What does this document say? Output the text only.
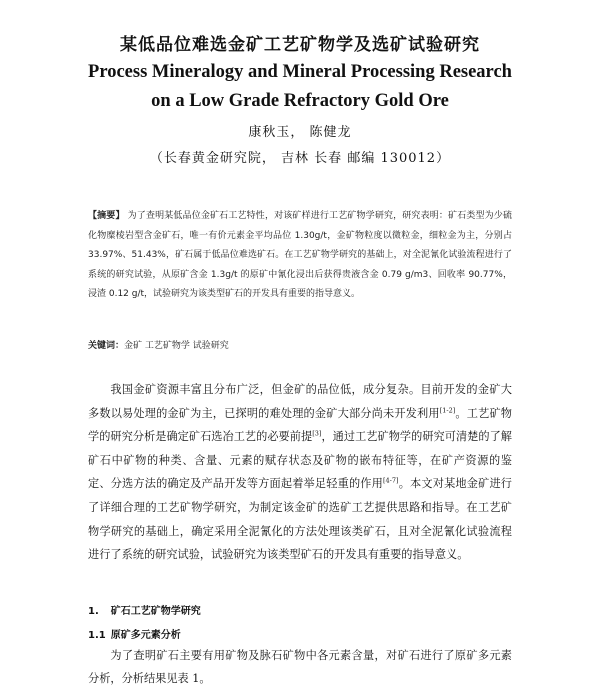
某低品位难选金矿工艺矿物学及选矿试验研究
Process Mineralogy and Mineral Processing Research
on a Low Grade Refractory Gold Ore
康秋玉， 陈健龙
（长春黄金研究院， 吉林 长春 邮编 130012）
【摘要】 为了查明某低品位金矿石工艺特性，对该矿样进行工艺矿物学研究，研究表明：矿石类型为少硫化物糜棱岩型含金矿石，唯一有价元素金平均品位 1.30g/t，金矿物粒度以微粒金，细粒金为主，分别占 33.97%、51.43%，矿石属于低品位难选矿石。在工艺矿物学研究的基础上，对全泥氰化试验流程进行了系统的研究试验，从原矿含金 1.3g/t 的原矿中氰化浸出后获得贵液含金 0.79 g/m3、回收率 90.77%，浸渣 0.12 g/t，试验研究为该类型矿石的开发具有重要的指导意义。
关键词：金矿 工艺矿物学 试验研究

我国金矿资源丰富且分布广泛，但金矿的品位低，成分复杂。目前开发的金矿大多数以易处理的金矿为主，已探明的难处理的金矿大部分尚未开发利用[1-2]。工艺矿物学的研究分析是确定矿石选冶工艺的必要前提[3]，通过工艺矿物学的研究可清楚的了解矿石中矿物的种类、含量、元素的赋存状态及矿物的嵌布特征等，在矿产资源的鉴定、分选方法的确定及产品开发等方面起着举足轻重的作用[4-7]。本文对某地金矿进行了详细合理的工艺矿物学研究，为制定该金矿的选矿工艺提供思路和指导。在工艺矿物学研究的基础上，确定采用全泥氰化的方法处理该类矿石，且对全泥氰化试验流程进行了系统的研究试验，试验研究为该类型矿石的开发具有重要的指导意义。

1. 矿石工艺矿物学研究
1.1 原矿多元素分析

为了查明矿石主要有用矿物及脉石矿物中各元素含量，对矿石进行了原矿多元素分析，分析结果见表 1。
